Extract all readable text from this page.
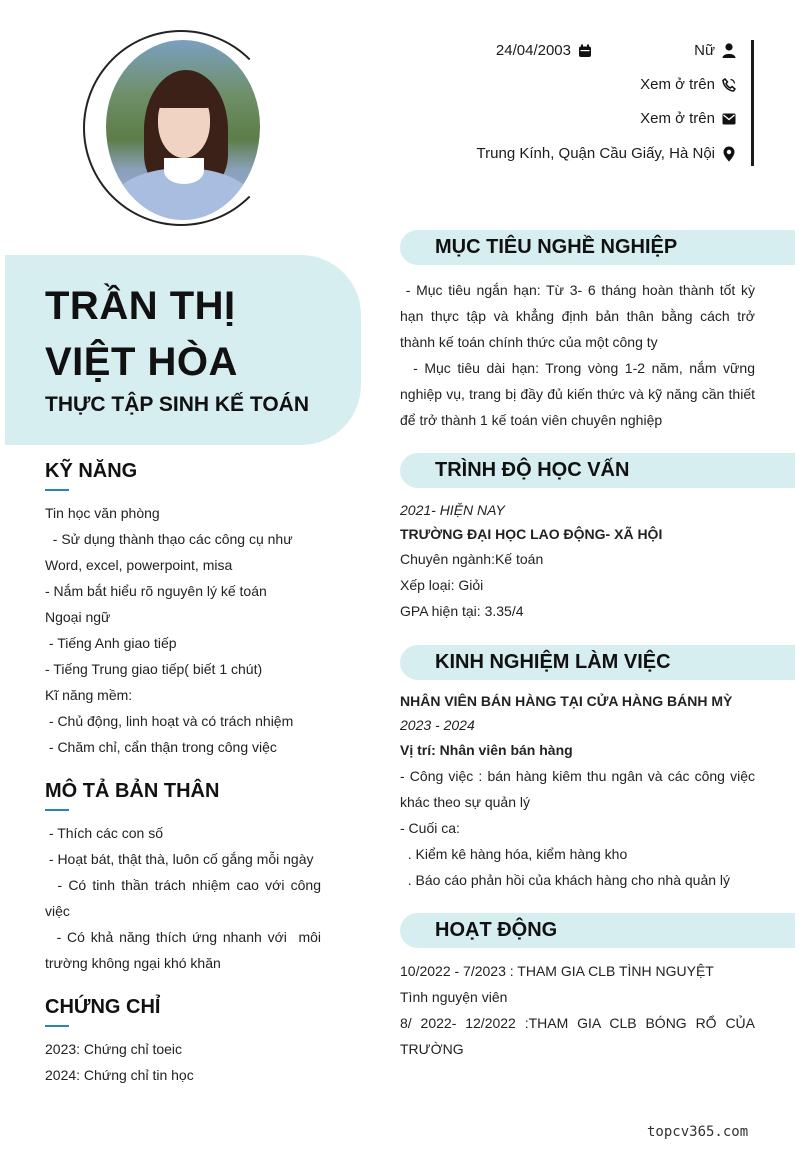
24/04/2003	Nữ
Xem ở trên
Xem ở trên
Trung Kính, Quận Cầu Giấy, Hà Nội
TRẦN THỊ
VIỆT HÒA
THỰC TẬP SINH KẾ TOÁN
KỸ NĂNG
Tin học văn phòng
- Sử dụng thành thạo các công cụ như Word, excel, powerpoint, misa
- Nắm bắt hiểu rõ nguyên lý kế toán
Ngoại ngữ
- Tiếng Anh giao tiếp
- Tiếng Trung giao tiếp( biết 1 chút)
Kĩ năng mềm:
- Chủ động, linh hoạt và có trách nhiệm
- Chăm chỉ, cẩn thận trong công việc
MÔ TẢ BẢN THÂN
- Thích các con số
- Hoạt bát, thật thà, luôn cố gắng mỗi ngày
- Có tinh thần trách nhiệm cao với công việc
- Có khả năng thích ứng nhanh với  môi trường không ngại khó khăn
CHỨNG CHỈ
2023: Chứng chỉ toeic
2024: Chứng chỉ tin học
MỤC TIÊU NGHỀ NGHIỆP
- Mục tiêu ngắn hạn: Từ 3- 6 tháng hoàn thành tốt kỳ hạn thực tập và khẳng định bản thân bằng cách trở thành kế toán chính thức của một công ty
- Mục tiêu dài hạn: Trong vòng 1-2 năm, nắm vững nghiệp vụ, trang bị đầy đủ kiến thức và kỹ năng cần thiết để trở thành 1 kế toán viên chuyên nghiệp
TRÌNH ĐỘ HỌC VẤN
2021- HIỆN NAY
TRƯỜNG ĐẠI HỌC LAO ĐỘNG- XÃ HỘI
Chuyên ngành:Kế toán
Xếp loại: Giỏi
GPA hiện tại: 3.35/4
KINH NGHIỆM LÀM VIỆC
NHÂN VIÊN BÁN HÀNG TẠI CỬA HÀNG BÁNH MỲ
2023 - 2024
Vị trí: Nhân viên bán hàng
- Công việc : bán hàng kiêm thu ngân và các công việc khác theo sự quản lý
- Cuối ca:
. Kiểm kê hàng hóa, kiểm hàng kho
. Báo cáo phản hồi của khách hàng cho nhà quản lý
HOẠT ĐỘNG
10/2022 - 7/2023 : THAM GIA CLB TÌNH NGUYỆT
Tình nguyện viên
8/ 2022- 12/2022 :THAM GIA CLB BÓNG RỔ CỦA TRƯỜNG
topcv365.com
